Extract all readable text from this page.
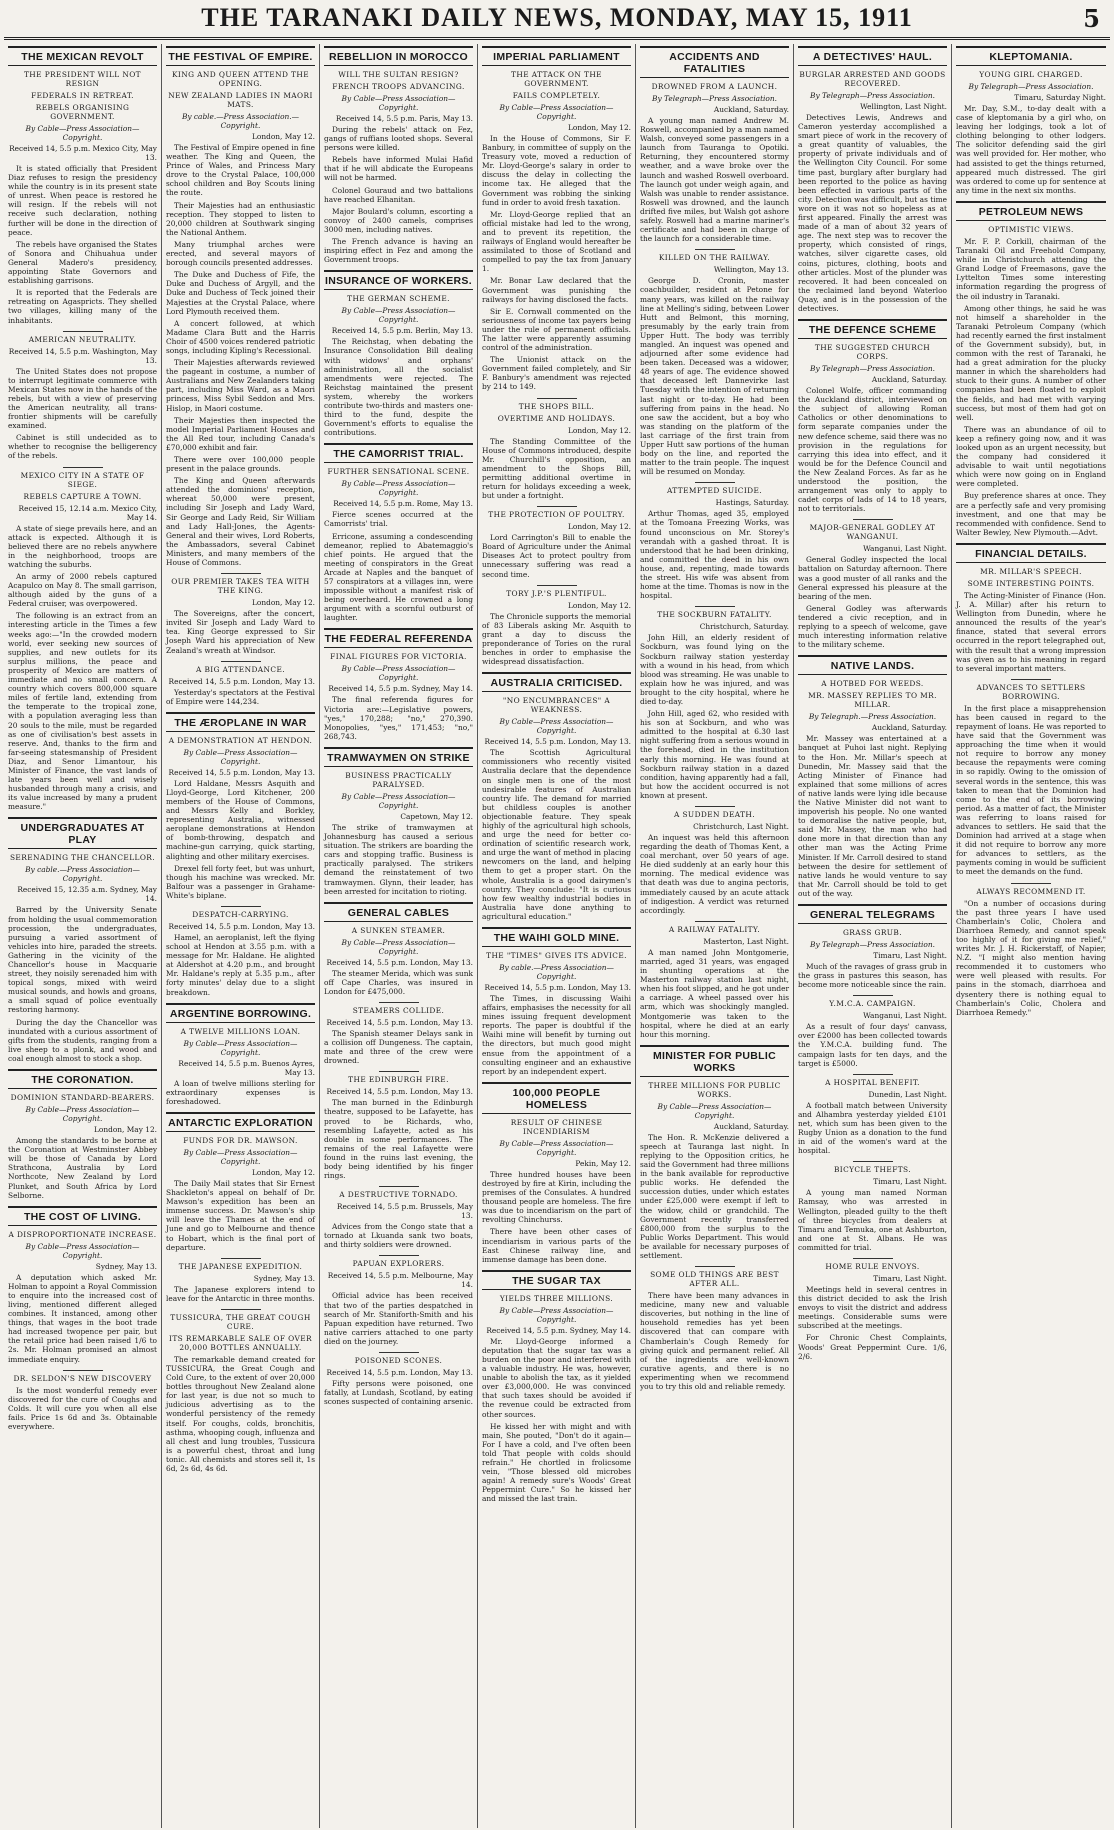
THE TARANAKI DAILY NEWS, MONDAY, MAY 15, 1911	5
THE MEXICAN REVOLT
THE PRESIDENT WILL NOT RESIGN
FEDERALS IN RETREAT.
REBELS ORGANISING GOVERNMENT.
By Cable—Press Association—Copyright.
Received 14, 5.5 p.m. Mexico City, May 13.

It is stated officially that President Diaz refuses to resign the presidency while the country is in its present state of unrest. When peace is restored he will resign. If the rebels will not receive such declaration, nothing further will be done in the direction of peace.

The rebels have organised the States of Sonora and Chihuahua under General Madero's presidency, appointing State Governors and establishing garrisons.

It is reported that the Federals are retreating on Agaspricts. They shelled two villages, killing many of the inhabitants.

AMERICAN NEUTRALITY.
Received 14, 5.5 p.m. Washington, May 13.

The United States does not propose to interrupt legitimate commerce with Mexican States now in the hands of the rebels, but with a view of preserving the American neutrality, all trans-frontier shipments will be carefully examined.

Cabinet is still undecided as to whether to recognise the belligerency of the rebels.

MEXICO CITY IN A STATE OF SIEGE.
REBELS CAPTURE A TOWN.
Received 15, 12.14 a.m. Mexico City, May 14.

A state of siege prevails here, and an attack is expected. Although it is believed there are no rebels anywhere in the neighborhood, troops are watching the suburbs.

An army of 2000 rebels captured Acapulco on May 8. The small garrison, although aided by the guns of a Federal cruiser, was overpowered.

The following is an extract from an interesting article in the Times a few weeks ago:—"In the crowded modern world, ever seeking new sources of supplies, and new outlets for its surplus millions, the peace and prosperity of Mexico are matters of immediate and no small concern. A country which covers 800,000 square miles of fertile land, extending from the temperate to the tropical zone, with a population averaging less than 20 souls to the mile, must be regarded as one of civilisation's best assets in reserve. And, thanks to the firm and far-seeing statesmanship of President Diaz, and Senor Limantour, his Minister of Finance, the vast lands of late years been well and wisely husbanded through many a crisis, and its value increased by many a prudent measure."

UNDERGRADUATES AT PLAY
SERENADING THE CHANCELLOR.
By cable.—Press Association—Copyright.
Received 15, 12.35 a.m. Sydney, May 14.

Barred by the University Senate from holding the usual commemoration procession, the undergraduates, pursuing a varied assortment of vehicles into hire, paraded the streets. Gathering in the vicinity of the Chancellor's house in Macquarie street, they noisily serenaded him with topical songs, mixed with weird musical sounds, and howls and groans, a small squad of police eventually restoring harmony.

During the day the Chancellor was inundated with a curious assortment of gifts from the students, ranging from a live sheep to a plonk, and wood and coal enough almost to stock a shop.

THE CORONATION.
DOMINION STANDARD-BEARERS.
By Cable—Press Association—Copyright.
London, May 12.

Among the standards to be borne at the Coronation at Westminster Abbey will be those of Canada by Lord Strathcona, Australia by Lord Northcote, New Zealand by Lord Plunket, and South Africa by Lord Selborne.

THE COST OF LIVING.
A DISPROPORTIONATE INCREASE.
By Cable—Press Association—Copyright.
Sydney, May 13.

A deputation which asked Mr. Holman to appoint a Royal Commission to enquire into the increased cost of living, mentioned different alleged combines. It instanced, among other things, that wages in the boot trade had increased twopence per pair, but the retail price had been raised 1/6 to 2s. Mr. Holman promised an almost immediate enquiry.

DR. SELDON'S NEW DISCOVERY

Is the most wonderful remedy ever discovered for the cure of Coughs and Colds. It will cure you when all else fails. Price 1s 6d and 3s. Obtainable everywhere.

THE FESTIVAL OF EMPIRE.
KING AND QUEEN ATTEND THE OPENING.
NEW ZEALAND LADIES IN MAORI MATS.
By cable.—Press Association.—Copyright.
London, May 12.

The Festival of Empire opened in fine weather. The King and Queen, the Prince of Wales, and Princess Mary drove to the Crystal Palace, 100,000 school children and Boy Scouts lining the route.

Their Majesties had an enthusiastic reception. They stopped to listen to 20,000 children at Southwark singing the National Anthem.

Many triumphal arches were erected, and several mayors of borough councils presented addresses.

The Duke and Duchess of Fife, the Duke and Duchess of Argyll, and the Duke and Duchess of Teck joined their Majesties at the Crystal Palace, where Lord Plymouth received them.

A concert followed, at which Madame Clara Butt and the Harris Choir of 4500 voices rendered patriotic songs, including Kipling's Recessional.

Their Majesties afterwards reviewed the pageant in costume, a number of Australians and New Zealanders taking part, including Miss Ward, as a Maori princess, Miss Sybil Seddon and Mrs. Hislop, in Maori costume.

Their Majesties then inspected the model Imperial Parliament Houses and the All Red tour, including Canada's £70,000 exhibit and fair.

There were over 100,000 people present in the palace grounds.

The King and Queen afterwards attended the dominions' reception, whereat 50,000 were present, including Sir Joseph and Lady Ward, Sir George and Lady Reid, Sir William and Lady Hall-Jones, the Agents-General and their wives, Lord Roberts, the Ambassadors, several Cabinet Ministers, and many members of the House of Commons.

OUR PREMIER TAKES TEA WITH THE KING.
London, May 12.

The Sovereigns, after the concert, invited Sir Joseph and Lady Ward to tea. King George expressed to Sir Joseph Ward his appreciation of New Zealand's wreath at Windsor.

A BIG ATTENDANCE.
Received 14, 5.5 p.m. London, May 13.

Yesterday's spectators at the Festival of Empire were 144,234.

THE ÆROPLANE IN WAR
A DEMONSTRATION AT HENDON.
By Cable—Press Association—Copyright.
Received 14, 5.5 p.m. London, May 13.

Lord Haldane, Messrs Asquith and Lloyd-George, Lord Kitchener, 200 members of the House of Commons, and Messrs Kelly and Borkley, representing Australia, witnessed aeroplane demonstrations at Hendon of bomb-throwing, despatch and machine-gun carrying, quick starting, alighting and other military exercises.

Drexel fell forty feet, but was unhurt, though his machine was wrecked. Mr. Balfour was a passenger in Grahame-White's biplane.

DESPATCH-CARRYING.
Received 14, 5.5 p.m. London, May 13.

Hamel, an aeroplanist, left the flying school at Hendon at 3.55 p.m. with a message for Mr. Haldane. He alighted at Aldershot at 4.20 p.m., and brought Mr. Haldane's reply at 5.35 p.m., after forty minutes' delay due to a slight breakdown.

ARGENTINE BORROWING.
A TWELVE MILLIONS LOAN.
By Cable—Press Association—Copyright.
Received 14, 5.5 p.m. Buenos Ayres, May 13.

A loan of twelve millions sterling for extraordinary expenses is foreshadowed.

ANTARCTIC EXPLORATION
FUNDS FOR DR. MAWSON.
By Cable—Press Association—Copyright.
London, May 12.

The Daily Mail states that Sir Ernest Shackleton's appeal on behalf of Dr. Mawson's expedition has been an immense success. Dr. Mawson's ship will leave the Thames at the end of June and go to Melbourne and thence to Hobart, which is the final port of departure.

THE JAPANESE EXPEDITION.
Sydney, May 13.

The Japanese explorers intend to leave for the Antarctic in three months.

TUSSICURA, THE GREAT COUGH CURE.
ITS REMARKABLE SALE OF OVER 20,000 BOTTLES ANNUALLY.

The remarkable demand created for TUSSICURA, the Great Cough and Cold Cure, to the extent of over 20,000 bottles throughout New Zealand alone for last year, is due not so much to judicious advertising as to the wonderful persistency of the remedy itself. For coughs, colds, bronchitis, asthma, whooping cough, influenza and all chest and lung troubles, Tussicura is a powerful chest, throat and lung tonic. All chemists and stores sell it, 1s 6d, 2s 6d, 4s 6d.

REBELLION IN MOROCCO
WILL THE SULTAN RESIGN?
FRENCH TROOPS ADVANCING.
By Cable—Press Association—Copyright.
Received 14, 5.5 p.m. Paris, May 13.

During the rebels' attack on Fez, gangs of ruffians looted shops. Several persons were killed.

Rebels have informed Mulai Hafid that if he will abdicate the Europeans will not be harmed.

Colonel Gouraud and two battalions have reached Elhanitan.

Major Boulard's column, escorting a convoy of 2400 camels, comprises 3000 men, including natives.

The French advance is having an inspiring effect in Fez and among the Government troops.

INSURANCE OF WORKERS.
THE GERMAN SCHEME.
By Cable—Press Association—Copyright.
Received 14, 5.5 p.m. Berlin, May 13.

The Reichstag, when debating the Insurance Consolidation Bill dealing with widows' and orphans' administration, all the socialist amendments were rejected. The Reichstag maintained the present system, whereby the workers contribute two-thirds and masters one-third to the fund, despite the Government's efforts to equalise the contributions.

THE CAMORRIST TRIAL.
FURTHER SENSATIONAL SCENE.
By Cable—Press Association—Copyright.
Received 14, 5.5 p.m. Rome, May 13.

Fierce scenes occurred at the Camorrists' trial.

Erricone, assuming a condescending demeanor, replied to Abatemaggio's chief points. He argued that the meeting of conspirators in the Great Arcade at Naples and the banquet of 57 conspirators at a villages inn, were impossible without a manifest risk of being overheard. He crowned a long argument with a scornful outburst of laughter.

THE FEDERAL REFERENDA
FINAL FIGURES FOR VICTORIA.
By Cable—Press Association—Copyright.
Received 14, 5.5 p.m. Sydney, May 14.

The final referenda figures for Victoria are:—Legislative powers, "yes," 170,288; "no," 270,390. Monopolies, "yes," 171,453; "no," 268,743.

TRAMWAYMEN ON STRIKE
BUSINESS PRACTICALLY PARALYSED.
By Cable—Press Association—Copyright.
Capetown, May 12.

The strike of tramwaymen at Johannesburg has caused a serious situation. The strikers are boarding the cars and stopping traffic. Business is practically paralysed. The strikers demand the reinstatement of two tramwaymen. Glynn, their leader, has been arrested for incitation to rioting.

GENERAL CABLES
A SUNKEN STEAMER.
By Cable—Press Association—Copyright.
Received 14, 5.5 p.m. London, May 13.

The steamer Merida, which was sunk off Cape Charles, was insured in London for £475,000.

STEAMERS COLLIDE.
Received 14, 5.5 p.m. London, May 13.

The Spanish steamer Delays sank in a collision off Dungeness. The captain, mate and three of the crew were drowned.

THE EDINBURGH FIRE.
Received 14, 5.5 p.m. London, May 13.

The man burned in the Edinburgh theatre, supposed to be Lafayette, has proved to be Richards, who, resembling Lafayette, acted as his double in some performances. The remains of the real Lafayette were found in the ruins last evening, the body being identified by his finger rings.

A DESTRUCTIVE TORNADO.
Received 14, 5.5 p.m. Brussels, May 13.

Advices from the Congo state that a tornado at Lkuanda sank two boats, and thirty soldiers were drowned.

PAPUAN EXPLORERS.
Received 14, 5.5 p.m. Melbourne, May 14.

Official advice has been received that two of the parties despatched in search of Mr. Staniforth-Smith and his Papuan expedition have returned. Two native carriers attached to one party died on the journey.

POISONED SCONES.
Received 14, 5.5 p.m. London, May 13.

Fifty persons were poisoned, one fatally, at Lundash, Scotland, by eating scones suspected of containing arsenic.

IMPERIAL PARLIAMENT
THE ATTACK ON THE GOVERNMENT.
FAILS COMPLETELY.
By Cable—Press Association—Copyright.
London, May 12.

In the House of Commons, Sir F. Banbury, in committee of supply on the Treasury vote, moved a reduction of Mr. Lloyd-George's salary in order to discuss the delay in collecting the income tax. He alleged that the Government was robbing the sinking fund in order to avoid fresh taxation.

Mr. Lloyd-George replied that an official mistake had led to the wrong, and to prevent its repetition, the railways of England would hereafter be assimilated to those of Scotland and compelled to pay the tax from January 1.

Mr. Bonar Law declared that the Government was punishing the railways for having disclosed the facts.

Sir E. Cornwall commented on the seriousness of income tax payers being under the rule of permanent officials. The latter were apparently assuming control of the administration.

The Unionist attack on the Government failed completely, and Sir F. Banbury's amendment was rejected by 214 to 149.

THE SHOPS BILL.
OVERTIME AND HOLIDAYS.
London, May 12.

The Standing Committee of the House of Commons introduced, despite Mr. Churchill's opposition, an amendment to the Shops Bill, permitting additional overtime in return for holidays exceeding a week, but under a fortnight.

THE PROTECTION OF POULTRY.
London, May 12.

Lord Carrington's Bill to enable the Board of Agriculture under the Animal Diseases Act to protect poultry from unnecessary suffering was read a second time.

TORY J.P.'S PLENTIFUL.
London, May 12.

The Chronicle supports the memorial of 83 Liberals asking Mr. Asquith to grant a day to discuss the preponderance of Tories on the rural benches in order to emphasise the widespread dissatisfaction.

AUSTRALIA CRITICISED.
"NO ENCUMBRANCES" A WEAKNESS.
By Cable—Press Association—Copyright.
Received 14, 5.5 p.m. London, May 13.

The Scottish Agricultural commissioners who recently visited Australia declare that the dependence on single men is one of the most undesirable features of Australian country life. The demand for married but childless couples is another objectionable feature. They speak highly of the agricultural high schools, and urge the need for better co-ordination of scientific research work, and urge the want of method in placing newcomers on the land, and helping them to get a proper start. On the whole, Australia is a good dairymen's country. They conclude: "It is curious how few wealthy industrial bodies in Australia have done anything to agricultural education."

THE WAIHI GOLD MINE.
THE "TIMES" GIVES ITS ADVICE.
By cable.—Press Association—Copyright.
Received 14, 5.5 p.m. London, May 13.

The Times, in discussing Waihi affairs, emphasises the necessity for all mines issuing frequent development reports. The paper is doubtful if the Waihi mine will benefit by turning out the directors, but much good might ensue from the appointment of a consulting engineer and an exhaustive report by an independent expert.

100,000 PEOPLE HOMELESS
RESULT OF CHINESE INCENDIARISM
By Cable—Press Association—Copyright.
Pekin, May 12.

Three hundred houses have been destroyed by fire at Kirin, including the premises of the Consulates. A hundred thousand people are homeless. The fire was due to incendiarism on the part of revolting Chinchurss.

There have been other cases of incendiarism in various parts of the East Chinese railway line, and immense damage has been done.

THE SUGAR TAX
YIELDS THREE MILLIONS.
By Cable—Press Association—Copyright.
Received 14, 5.5 p.m. Sydney, May 14.

Mr. Lloyd-George informed a deputation that the sugar tax was a burden on the poor and interfered with a valuable industry. He was, however, unable to abolish the tax, as it yielded over £3,000,000. He was convinced that such taxes should be avoided if the revenue could be extracted from other sources.

He kissed her with might and with main, She pouted, "Don't do it again— For I have a cold, and I've often been told That people with colds should refrain." He chortled in frolicsome vein, "Those blessed old microbes again! A remedy sure's Woods' Great Peppermint Cure." So he kissed her and missed the last train.

ACCIDENTS AND FATALITIES
DROWNED FROM A LAUNCH.
By Telegraph—Press Association.
Auckland, Saturday.

A young man named Andrew M. Roswell, accompanied by a man named Walsh, conveyed some passengers in a launch from Tauranga to Opotiki. Returning, they encountered stormy weather, and a wave broke over the launch and washed Roswell overboard. The launch got under weigh again, and Walsh was unable to render assistance. Roswell was drowned, and the launch drifted five miles, but Walsh got ashore safely. Roswell had a marine mariner's certificate and had been in charge of the launch for a considerable time.

KILLED ON THE RAILWAY.
Wellington, May 13.

George D. Cronin, master coachbuilder, resident at Petone for many years, was killed on the railway line at Melling's siding, between Lower Hutt and Belmont, this morning, presumably by the early train from Upper Hutt. The body was terribly mangled. An inquest was opened and adjourned after some evidence had been taken. Deceased was a widower, 48 years of age. The evidence showed that deceased left Dannevirke last Tuesday with the intention of returning last night or to-day. He had been suffering from pains in the head. No one saw the accident, but a boy who was standing on the platform of the last carriage of the first train from Upper Hutt saw portions of the human body on the line, and reported the matter to the train people. The inquest will be resumed on Monday.

ATTEMPTED SUICIDE.
Hastings, Saturday.

Arthur Thomas, aged 35, employed at the Tomoana Freezing Works, was found unconscious on Mr. Storey's verandah with a gashed throat. It is understood that he had been drinking, and committed the deed in his own house, and, repenting, made towards the street. His wife was absent from home at the time. Thomas is now in the hospital.

THE SOCKBURN FATALITY.
Christchurch, Saturday.

John Hill, an elderly resident of Sockburn, was found lying on the Sockburn railway station yesterday with a wound in his head, from which blood was streaming. He was unable to explain how he was injured, and was brought to the city hospital, where he died to-day.

John Hill, aged 62, who resided with his son at Sockburn, and who was admitted to the hospital at 6.30 last night suffering from a serious wound in the forehead, died in the institution early this morning. He was found at Sockburn railway station in a dazed condition, having apparently had a fall, but how the accident occurred is not known at present.

A SUDDEN DEATH.
Christchurch, Last Night.

An inquest was held this afternoon regarding the death of Thomas Kent, a coal merchant, over 50 years of age. He died suddenly at an early hour this morning. The medical evidence was that death was due to angina pectoris, immediately caused by an acute attack of indigestion. A verdict was returned accordingly.

A RAILWAY FATALITY.
Masterton, Last Night.

A man named John Montgomerie, married, aged 31 years, was engaged in shunting operations at the Masterton railway station last night, when his foot slipped, and he got under a carriage. A wheel passed over his arm, which was shockingly mangled. Montgomerie was taken to the hospital, where he died at an early hour this morning.

MINISTER FOR PUBLIC WORKS
THREE MILLIONS FOR PUBLIC WORKS.
By Cable—Press Association—Copyright.
Auckland, Saturday.

The Hon. R. McKenzie delivered a speech at Tauranga last night. In replying to the Opposition critics, he said the Government had three millions in the bank available for reproductive public works. He defended the succession duties, under which estates under £25,000 were exempt if left to the widow, child or grandchild. The Government recently transferred £800,000 from the surplus to the Public Works Department. This would be available for necessary purposes of settlement.

SOME OLD THINGS ARE BEST AFTER ALL.

There have been many advances in medicine, many new and valuable discoveries, but nothing in the line of household remedies has yet been discovered that can compare with Chamberlain's Cough Remedy for giving quick and permanent relief. All of the ingredients are well-known curative agents, and there is no experimenting when we recommend you to try this old and reliable remedy.

A DETECTIVES' HAUL.
BURGLAR ARRESTED AND GOODS RECOVERED.
By Telegraph—Press Association.
Wellington, Last Night.

Detectives Lewis, Andrews and Cameron yesterday accomplished a smart piece of work in the recovery of a great quantity of valuables, the property of private individuals and of the Wellington City Council. For some time past, burglary after burglary had been reported to the police as having been effected in various parts of the city. Detection was difficult, but as time wore on it was not so hopeless as at first appeared. Finally the arrest was made of a man of about 32 years of age. The next step was to recover the property, which consisted of rings, watches, silver cigarette cases, old coins, pictures, clothing, boots and other articles. Most of the plunder was recovered. It had been concealed on the reclaimed land beyond Waterloo Quay, and is in the possession of the detectives.

THE DEFENCE SCHEME
THE SUGGESTED CHURCH CORPS.
By Telegraph—Press Association.
Auckland, Saturday.

Colonel Wolfe, officer commanding the Auckland district, interviewed on the subject of allowing Roman Catholics or other denominations to form separate companies under the new defence scheme, said there was no provision in the regulations for carrying this idea into effect, and it would be for the Defence Council and the New Zealand Forces. As far as he understood the position, the arrangement was only to apply to cadet corps of lads of 14 to 18 years, not to territorials.

MAJOR-GENERAL GODLEY AT WANGANUI.
Wanganui, Last Night.

General Godley inspected the local battalion on Saturday afternoon. There was a good muster of all ranks and the General expressed his pleasure at the bearing of the men.

General Godley was afterwards tendered a civic reception, and in replying to a speech of welcome, gave much interesting information relative to the military scheme.

NATIVE LANDS.
A HOTBED FOR WEEDS.
MR. MASSEY REPLIES TO MR. MILLAR.
By Telegraph.—Press Association.
Auckland, Saturday.

Mr. Massey was entertained at a banquet at Puhoi last night. Replying to the Hon. Mr. Millar's speech at Dunedin, Mr. Massey said that the Acting Minister of Finance had explained that some millions of acres of native lands were lying idle because the Native Minister did not want to impoverish his people. No one wanted to demoralise the native people, but, said Mr. Massey, the man who had done more in that direction than any other man was the Acting Prime Minister. If Mr. Carroll desired to stand between the desire for settlement of native lands he would venture to say that Mr. Carroll should be told to get out of the way.

GENERAL TELEGRAMS
GRASS GRUB.
By Telegraph—Press Association.
Timaru, Last Night.

Much of the ravages of grass grub in the grass in pastures this season, has become more noticeable since the rain.

Y.M.C.A. CAMPAIGN.
Wanganui, Last Night.

As a result of four days' canvass, over £2000 has been collected towards the Y.M.C.A. building fund. The campaign lasts for ten days, and the target is £5000.

A HOSPITAL BENEFIT.
Dunedin, Last Night.

A football match between University and Alhambra yesterday yielded £101 net, which sum has been given to the Rugby Union as a donation to the fund in aid of the women's ward at the hospital.

BICYCLE THEFTS.
Timaru, Last Night.

A young man named Norman Ramsay, who was arrested in Wellington, pleaded guilty to the theft of three bicycles from dealers at Timaru and Temuka, one at Ashburton, and one at St. Albans. He was committed for trial.

HOME RULE ENVOYS.
Timaru, Last Night.

Meetings held in several centres in this district decided to ask the Irish envoys to visit the district and address meetings. Considerable sums were subscribed at the meetings.

For Chronic Chest Complaints, Woods' Great Peppermint Cure. 1/6, 2/6.

KLEPTOMANIA.
YOUNG GIRL CHARGED.
By Telegraph—Press Association.
Timaru, Saturday Night.

Mr. Day, S.M., to-day dealt with a case of kleptomania by a girl who, on leaving her lodgings, took a lot of clothing belonging to other lodgers. The solicitor defending said the girl was well provided for. Her mother, who had assisted to get the things returned, appeared much distressed. The girl was ordered to come up for sentence at any time in the next six months.

PETROLEUM NEWS
OPTIMISTIC VIEWS.

Mr. F. P. Corkill, chairman of the Taranaki Oil and Freehold Company, while in Christchurch attending the Grand Lodge of Freemasons, gave the Lyttelton Times some interesting information regarding the progress of the oil industry in Taranaki.

Among other things, he said he was not himself a shareholder in the Taranaki Petroleum Company (which had recently earned the first instalment of the Government subsidy), but, in common with the rest of Taranaki, he had a great admiration for the plucky manner in which the shareholders had stuck to their guns. A number of other companies had been floated to exploit the fields, and had met with varying success, but most of them had got on well.

There was an abundance of oil to keep a refinery going now, and it was looked upon as an urgent necessity, but the company had considered it advisable to wait until negotiations which were now going on in England were completed.

Buy preference shares at once. They are a perfectly safe and very promising investment, and one that may be recommended with confidence. Send to Walter Bewley, New Plymouth.—Advt.

FINANCIAL DETAILS.
MR. MILLAR'S SPEECH.
SOME INTERESTING POINTS.

The Acting-Minister of Finance (Hon. J. A. Millar) after his return to Wellington from Dunedin, where he announced the results of the year's finance, stated that several errors occurred in the report telegraphed out, with the result that a wrong impression was given as to his meaning in regard to several important matters.

ADVANCES TO SETTLERS BORROWING.

In the first place a misapprehension has been caused in regard to the repayment of loans. He was reported to have said that the Government was approaching the time when it would not require to borrow any money because the repayments were coming in so rapidly. Owing to the omission of several words in the sentence, this was taken to mean that the Dominion had come to the end of its borrowing period. As a matter of fact, the Minister was referring to loans raised for advances to settlers. He said that the Dominion had arrived at a stage when it did not require to borrow any more for advances to settlers, as the payments coming in would be sufficient to meet the demands on the fund.

ALWAYS RECOMMEND IT.

"On a number of occasions during the past three years I have used Chamberlain's Colic, Cholera and Diarrhoea Remedy, and cannot speak too highly of it for giving me relief," writes Mr. J. H. Rickerstaff, of Napier, N.Z. "I might also mention having recommended it to customers who were well pleased with results. For pains in the stomach, diarrhoea and dysentery there is nothing equal to Chamberlain's Colic, Cholera and Diarrhoea Remedy."
